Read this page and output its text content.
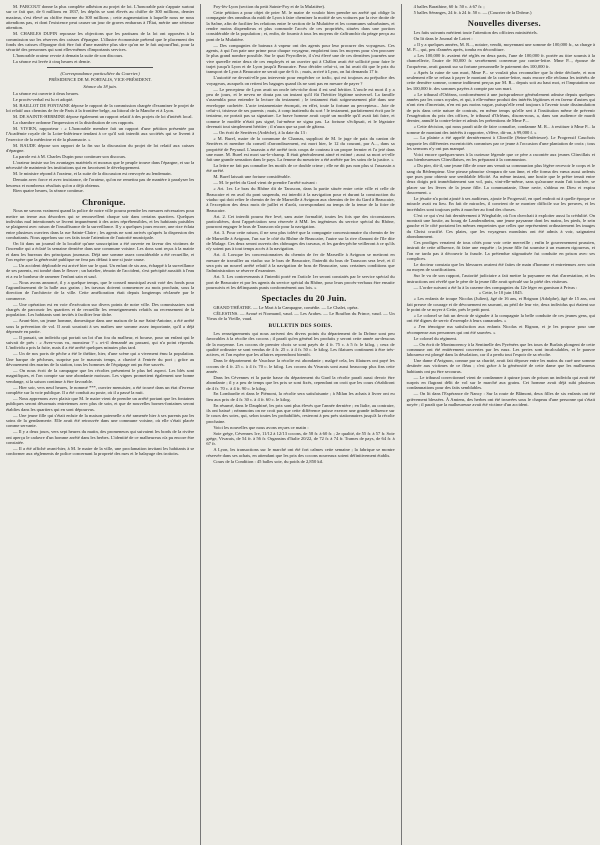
M. FARCOUT donne la plus complète adhésion au projet de loi. L'honorable pair s'appuie surtout sur ce fait que, de 6 millions en 1837, les dépôts se sont élevés au chiffre de 300 millions, dernier maxima, s'est élevé au chiffre énorme du 300 millions ; cette augmentation à laquelle nous ne nous attendions pas, et dont l'existence peut causer un jour de graves embarras à l'État, mérite une sérieuse attention.

M. CHARLES DUPIN repousse les objections que les partisans de la loi ont opposées à la commission sur les réserves des caisses d'épargne. L'illustre économiste prétend que le placement des fonds des caisses d'épargne doit être fait d'une manière plus sûre qu'on ne le fait aujourd'hui, pour la sécurité des personnes qui sont elles-mêmes d'importants services.

L'honorable orateur revoie à demain la suite de son discours.

La séance est levée à cinq heures et demie.

(Correspondance particulière du Courrier.)

PRÉSIDENCE DE M. PORTALIS, VICE-PRÉSIDENT.

Séance du 18 juin.

La séance est ouverte à deux heures.

Le procès-verbal est lu et adopté.

M. BAILLOT DE FONTAINE dépose le rapport de la commission chargée d'examiner le projet de loi relatif aux chemins de fer de Paris à la frontière belge, au littoral de la Manche et à Lyon.

M. DE SAINTE-HERMINE dépose également un rapport relatif à des projets de loi d'intérêt local.

La chambre ordonne l'impression et la distribution de ces rapports.

M. VIVIEN, rapporteur : « L'honorable membre fait un rapport d'une pétition présentée par l'Académie royale de la Loire-Inférieure tendant à ce qu'il soit interdit aux sociétés qui se livrent à l'exercice de la médecine et de la pharmacie. »

M. BAUDE dépose son rapport de la fin sur la discussion du projet de loi relatif aux caisses d'épargne.

La parole est à M. Charles Dupin pour continuer son discours.

L'orateur insiste sur les avantages matériels et moraux que le peuple trouve dans l'épargne, et sur la nécessité de maintenir les institutions qui en favorisent le développement.

M. le ministre répond à l'orateur, et la suite de la discussion est renvoyée au lendemain.

Demain avec force et avec insistance, de l'orateur, qu'on ne remettra pas de manière à paralyser les heureux et nombreux résultats qu'on a déjà obtenus.

Rien quatre heures, la séance continue.

Chronique.

Nous ne savons vraiment quand la police de notre ville pourra prendre les mesures nécessaires pour mettre un terme aux désordres qui se renouvellent chaque soir dans certains quartiers. Quelques individus mal intentionnés se livrent impunément à des actes répréhensibles, et les habitants paisibles se plaignent avec raison de l'insuffisance de la surveillance. Il y a quelques jours encore, une rixe éclata entre plusieurs ouvriers dans la rue Sainte-Claire ; les agents ne sont arrivés qu'après la dispersion des combattants. Nous appelons sur ces faits toute l'attention de l'autorité municipale.

On lit dans un journal de la localité qu'une souscription a été ouverte en faveur des victimes de l'incendie qui a éclaté la semaine dernière dans une commune voisine. Les dons sont reçus à la mairie et dans les bureaux des principaux journaux. Déjà une somme assez considérable a été recueillie, et l'on espère que la générosité publique ne fera pas défaut à une si juste cause.

— Un accident déplorable est arrivé hier sur le quai. Un enfant de six ans, échappé à la surveillance de ses parents, est tombé dans le fleuve ; un batelier, témoin de l'accident, s'est précipité aussitôt à l'eau et a eu le bonheur de ramener l'enfant sain et sauf.

— Nous avons annoncé, il y a quelque temps, que le conseil municipal avait voté des fonds pour l'agrandissement de la halle aux grains ; les travaux doivent commencer au mois prochain, sous la direction de l'architecte de la ville. Cette amélioration était depuis longtemps réclamée par le commerce.

— Une opération est en voie d'exécution sur divers points de notre ville. Des commissaires sont chargés de parcourir les quartiers et de recueillir les renseignements relatifs au recensement de la population. Les habitants sont invités à faciliter leur tâche.

— Avant-hier, un jeune homme, domestique dans une maison de la rue Saint-Antoine, a été arrêté sous la prévention de vol. Il avait soustrait à ses maîtres une somme assez importante, qu'il a déjà dépensée en partie.

— Il passait, un individu qui portait un lot d'un fou du malheur, et bourse, pour un enfant qui le suivait de près : « Avez-vous vu, monsieur ? » a-t-il demandé au passant, qui n'a point répondu. L'individu a pris la fuite, mais il a été arrêté quelques minutes plus tard.

— Un de nos ports de pêche a été le théâtre, hier, d'une scène qui a vivement ému la population. Une barque de pêcheurs, surprise par le mauvais temps, a chaviré à l'entrée du port ; grâce au dévouement des marins de la station, tous les hommes de l'équipage ont pu être sauvés.

— On nous écrit de la campagne que les récoltes présentent le plus bel aspect. Les blés sont magnifiques, et l'on compte sur une abondante moisson. Les vignes promettent également une bonne vendange, si la saison continue à être favorable.

— Hier soir, vers neuf heures, le nommé ***, ouvrier menuisier, a été trouvé dans un état d'ivresse complète sur la voie publique. Il a été conduit au poste, où il a passé la nuit.

— Nous apprenons avec plaisir que M. le maire vient de prendre un arrêté portant que les fontaines publiques seront désormais entretenues avec plus de soin, et que de nouvelles bornes-fontaines seront établies dans les quartiers qui en sont dépourvus.

— Une jeune fille qui s'était enfuie de la maison paternelle a été ramenée hier à ses parents par les soins de la gendarmerie. Elle avait été retrouvée dans une commune voisine, où elle s'était placée comme servante.

— Il y a deux jours, vers sept heures du matin, des promeneurs qui suivaient les bords de la rivière ont aperçu le cadavre d'un homme arrêté dans les herbes. L'identité de ce malheureux n'a pu encore être constatée.

— Il a été affiché avant-hier, à M. le maire de la ville, une proclamation invitant les habitants à se conformer aux règlements de police concernant la propreté des rues et le balayage des trottoirs.

Foy-lès-Lyon (section du petit Sainte-Foy et de la Mulatière).

Cette pétition a pour objet de prier M. le maire de vouloir bien prendre un arrêté qui oblige la compagnie des omnibus du midi de Lyon à faire cheminer la moitié de ses voitures par la rive droite de la Saône, afin de faciliter les relations entre le section de la Mulatière et les communes suburbaines, et rendre moins dispendieux et plus commode l'accès de ces propriétés, situées dans une portion considérable de la population ; et, enfin, de fournir à tous les moyens de s'affranchir du péage perçu au pont de la Mulatière.

— Des compagnies de bateaux à vapeur ont des agents pour leur procurer des voyageurs. Ces agents, à qui l'on paie une prime pour chaque voyageur, emploient tous les moyens pour s'en procurer le plus grand nombre possible. Sur le quai Peyrollerie, il s'est élevé une de ces dernières journées une vive querelle entre deux de ces employés et un ouvrier qui à Châlon avait été sollicité pour faire le trajet jusqu'à Lyon et de Lyon jusqu'à Beaucaire. Pour décider celui-ci, on lui avait dit que le prix du transport de Lyon à Beaucaire ne serait que de 6 fr. ; mais, arrivé à Lyon, on lui demanda 17 fr.

L'autorité ne devrait-elle pas intervenir pour empêcher ce trafic, qui est toujours au préjudice des voyageurs, auxquels on retient les bagages quand ils ne sont pas en mesure de payer ?

— Le percepteur de Lyon avait un oncle très-riche dont il est seul héritier. L'oncle est mort il y a peu de jours, et le neveu ne douta pas un instant qu'il fût l'héritier légitime universel. La famille s'assembla pour entendre la lecture du testament ; le testament était soigneusement plié dans une enveloppe cachetée. L'acte testamentaire énonçait, en effet, toute la fortune au percepteur... Joie de celui-ci, tristesse de ses parents ; mais, à conp inattendu du sort ! le testament, parfaitement écrit par le testateur, ne portait pas sa signature. Le brave homme avait copié un modèle qu'il avait fait faire, et comme le modèle n'était pas signé, lui-même ne signa pas. La fortune s'éclipsait, et le légataire devenait tout simplement héritier ; il n'aura que sa part de gâteau.

— On écrit de Serrières (Ardèche), à la date du 13 :

« M. Burel, maire de la commune de Charnas, supplicat de M. le juge de paix du canton de Serrières et membre du conseil d'arrondissement, est mort hier, le 12 du courant, par A..., dans sa propriété de Peyraud. L'assassin a été arrêté trois coups de couteau à un propre fermier et l'a jeté dans une mare. M. Burel est mort sur-le-champ. Il était généralement aimé et estimé ; aussi sa mort a-t-elle fait une grande sensation dans le pays. La femme du meurtrier a été arrêtée par les soins de la justice. »

La lettre ne fait pas connaître les motifs de ce double crime ; elle ne dit pas non plus si l'assassin a été arrêté.

M. Burel laissait une fortune considérable.

— M. le préfet du Gard vient de prendre l'arrêté suivant :

« Art. 1er. Le bras du Rhône dit de Tarascon, dans la partie située entre cette ville et celle de Beaucaire et en aval du pont suspendu, est interdit à la navigation pour et durant la construction du viaduc qui doit relier le chemin de fer de Marseille à Avignon aux chemins de fer du Gard à Beaucaire, à l'exception des deux mois de juillet et d'août, correspondant au temps de la tenue de la foire de Beaucaire.

Art. 2. Cet interdit pourra être levé, sans autre formalité, toutes les fois que des circonstances particulières, dont l'appréciation sera réservée à MM. les ingénieurs du service spécial du Rhône, pourront engager le bras de Tarascon sûr pour la navigation.

Art. 3. Pour cette raison, il ne sera plus toléré que la compagnie concessionnaire du chemin de fer de Marseille à Avignon, l'un sur le côté du Rhône de Beaucaire, l'autre sur la rive d'amont de l'île dite de Malage. Ces deux seront ouverts des chômages des travaux, et les gardes-pêche veilleront à ce qu'ils n'y soient pas à tout temps accès à la navigation.

Art. 4. Lorsque les concessionnaires du chemin de fer de Marseille à Avignon se mettront en mesure de travailler au viaduc sur le bras de Beaucaire, l'interdit du bras de Tarascon sera levé, et il sera pris un nouvel arrêté relatif à la navigation de bras de Beaucaire, sous certaines conditions que l'administration se réserve d'examiner.

Art. 5. Les contrevenants à l'interdit porté en l'article 1er seront constatés par le service spécial du port de Beaucaire et par les agents du service spécial du Rhône, pour leurs procès-verbaux être ensuite poursuivis et les délinquants punis conformément aux lois. »

Spectacles du 20 Juin.

GRAND THÉATRE. — Le Mari à la Campagne, comédie. — Le Chalet, opéra.

CÉLESTINS. — Avoué et Normand, vaud. — Les Arabes. — Le Bouffon du Prince, vaud. — Un Vieux de la Vieille, vaud.

BULLETIN DES SOIES.

Les renseignements qui nous arrivent des divers points du département de la Drôme sont peu favorables à la récolte des cocons ; il paraît qu'en général les produits y seront cette année au-dessous de la moyenne. Les cocons de premier choix se sont payés de 4 fr. 75 c. à 5 fr. le kilog. ; ceux de qualité ordinaire se sont vendus de 4 fr. 25 c. à 4 fr. 50 c. le kilog. Les filatures continuent à être très-actives, et l'on espère que les affaires reprendront bientôt.

Dans le département de Vaucluse la récolte est abondante ; malgré cela, les filatures ont payé les cocons de 4 fr. 25 c. à 4 fr. 70 c. le kilog. Les cocons du Vivarais sont aussi beaucoup plus fins cette année.

Dans les Cévennes et la partie basse du département du Gard la récolte paraît aussi devoir être abondante ; il y a peu de temps que les prix se sont fixés, cependant on croit que les cours s'établiront de 4 fr. 70 c. à 4 fr. 90 c. le kilog.

En Lombardie et dans le Piémont, la récolte sera satisfaisante ; à Milan les achats à livrer ont eu lieu aux prix de 4 fr. 30 c. à 4 fr. 60 c. le kilog.

En résumé, dans le Dauphiné, les prix sont plus élevés que l'année dernière ; en Italie, au contraire, ils ont baissé ; néanmoins on ne croit pas que cette différence puisse exercer une grande influence sur le cours des soies, qui, selon toutes les probabilités, resteront à peu près stationnaires jusqu'à la récolte prochaine.

Voici les nouvelles que nous avons reçues ce matin :

Soie grège, Cévennes 1re, 11/12 à 12/13 cocons, de 58 fr. à 60 fr. ; 2e qualité, de 55 fr. à 57 fr. Soie grège, Vivarais, de 54 fr. à 56 fr. Organsins d'Italie 20/22, de 72 fr. à 74 fr. Trames de pays, de 64 fr. à 67 fr.

A Lyon, les transactions sur le marché ont été fort calmes cette semaine ; la fabrique se montre réservée dans ses achats, en attendant que les prix des cocons nouveaux soient définitivement établis.

Cours de la Condition : 45 balles soie, du poids de 2,850 kil.

4 balles Barathine, 60 fr. 50 c. à 67 fr. ;

5 balles Séeanges, 24 fr. à 24 fr. 50 c. — (Courrier de la Drôme.)

Nouvelles diverses.

Les faits suivants méritent toute l'attention des officiers ministériels.

On lit dans le Journal de Loiret :

« Il y a quelques années, M. R..., notaire, vendit, moyennant une somme de 100,000 fr., sa charge à M. P..., qui, peu d'années après, tomba en déconfiture.

« Les 100,000 fr. avaient été réglés en deux parts, l'une de 100,000 fr. portée au titre soumis à la chancellerie, l'autre de 80,000 fr. secrètement convenue par contre-lettre. Mme P..., épouse de l'acquéreur, avait garanti sur sa fortune personnelle le paiement des 100,000 fr.

« Après la ruine de son mari, Mme P... se voulait plus reconnaître que la dette déclarée, et non seulement elle se refusa à payer le montant de la contre-lettre, mais encore elle réclama les intérêts de cette dernière somme, comme indûment perçus par M. R... depuis soit au haut mot, et l'imputation sur les 100,000 fr. des sommes payées à compte par son mari.

« Le tribunal d'Orléans, conformément à une jurisprudence généralement admise depuis quelques années par les cours royales, et qui, à elle-même produit des intérêts légitimes et en faveur d'autres qui n'ont rien d'incertain, n'en est pas moins vague, puisqu'elle rend toujours à l'avenir toute dissimulation de prix dans cette nature de contrats, en même temps qu'elle sert à l'institution même de prévenir l'exagération du prix des offices, le tribunal d'Orléans, disons-nous, a, dans son audience de mardi dernier, annulé la contre-lettre et admis les prétentions de Mme P....

« Cette décision, qui nous paraît utile de faire connaître, condamne M. R... à restituer à Mme P... la somme de montant des intérêts à rapporter, s'élève, dit-on, à 99,000 f. »

— La plainte a été appelé dernièrement à Clinville (Seine-Inférieure). Le Progressif Cauchois rapporte les différentes excentricités commises par ce jeune à l'occasion d'une plantation de croix ; tous les sermons n'y ont pas manqué.

Voici encore quelques-unes à la curieuse légende que ce père a racontée aux jeunes Clinvillais et aux bienheureuses Clinvillaises, en les préparant à la communion.

« Du pier, dit-il, une jeune fille de onze ans venait sa communion plus légère recevoir le corps et le sang du Rédempteur. Une pieuse pâmoise s'empara de son âme, et elle forma des vœux aussi ardents que purs pour obtenir une semblable félicité. Au même instant, une hostie que le prêtre tenait entre deux doigts prit immédiatement son vol, puis, vint-elle-même, sans qu'aucune main l'ait touchée, se placer sur les lèvres de la jeune fille. La communiante, l'âme ravie, s'abîma en Dieu et expira doucement. »

Le jésuite n'a point ajouté à ses auditeurs, ajoute le Progressif, en quel endroit ni à quelle époque ce miracle avait eu lieu. En fait de miracles, il convient de se montrer difficile sur les preuves, et les incrédules sont toujours prêts à marcher au fond des choses.

C'est ce qui s'est fait dernièrement à Wieghalde, où l'on cherchait à exploiter aussi la crédulité. On montrait une hostie, au bourg de Landeratheim, une jeune paysanne dont les mains, les pieds, le sein gauche et le côté portaient les mêmes empreintes que celles que représentent ordinairement les images du Christ crucifié. Ces plaies, que les voyageurs mondains ont été admis à voir, saignaient abondamment.

Ces prodiges venaient de tous côtés pour voir cette merveille ; enfin le gouvernement prussien, instruit de cette affluence, fit faire une enquête ; la jeune fille fut soumise à un examen rigoureux, et l'on ne tarda pas à découvrir la fraude. La prétendue stigmatisée fut conduite en prison avec ses complices.

Le docteur constata que les blessures avaient été faites de main d'homme et entretenues avec soin au moyen de scarifications.

Sur le vu de son rapport, l'autorité judiciaire a fait mettre la paysanne en état d'arrestation, et les instructions ont révélé que le père de la jeune fille avait spéculé sur la piété des visiteurs.

— L'ordre suivant a été lu à la caserne des compagnies du 12e léger en garnison à Privas :

« Cette, le 10 juin 1845.

« Les enfants de troupe Nicolas (Julien), âgé de 16 ans, et Brignon (Adolphe), âgé de 15 ans, ont fait preuve de courage et de dévouement en sauvant, au péril de leur vie, deux individus qui étaient sur le point de se noyer à Cette, près le petit pont.

« Le colonel se fait un devoir de signaler à la compagnie la belle conduite de ces jeunes gens, qui ont été dignes de servir d'exemple à leurs camarades. »

« J'en témoigne ma satisfaction aux enfants Nicolas et Rignon, et je les propose pour une récompense aux personnes qui ont été sauvées. »

Le colonel du régiment.

— On écrit de Montmorency à la Sentinelle des Pyrénées que les tours de Burlats plongent de cette commune ont été entièrement couvertes par les eaux. Les pertes sont incalculables, et le pauvre laboureur est plongé dans la désolation, car il a perdu tout l'espoir de sa récolte.

Une dame d'Avignon, connue par sa charité, avait fait déposer entre les mains du curé une somme destinée aux victimes de ce fléau ; c'est grâce à la générosité de cette dame que les malheureux habitants ont pu être secourus.

— Le tribunal correctionnel vient de condamner à quinze jours de prison un individu qui avait été surpris en flagrant délit de vol sur le marché aux grains. Cet homme avait déjà subi plusieurs condamnations pour des faits semblables.

— On lit dans l'Espérance de Nancy : Sur la route de Blâmont, deux filles de six enfants ont été grièvement blessées. À Amiens, des herbes ont été trouvées sous le chapeau d'une personne qui s'était noyée ; il paraît que la malheureuse avait été victime d'un accident.
